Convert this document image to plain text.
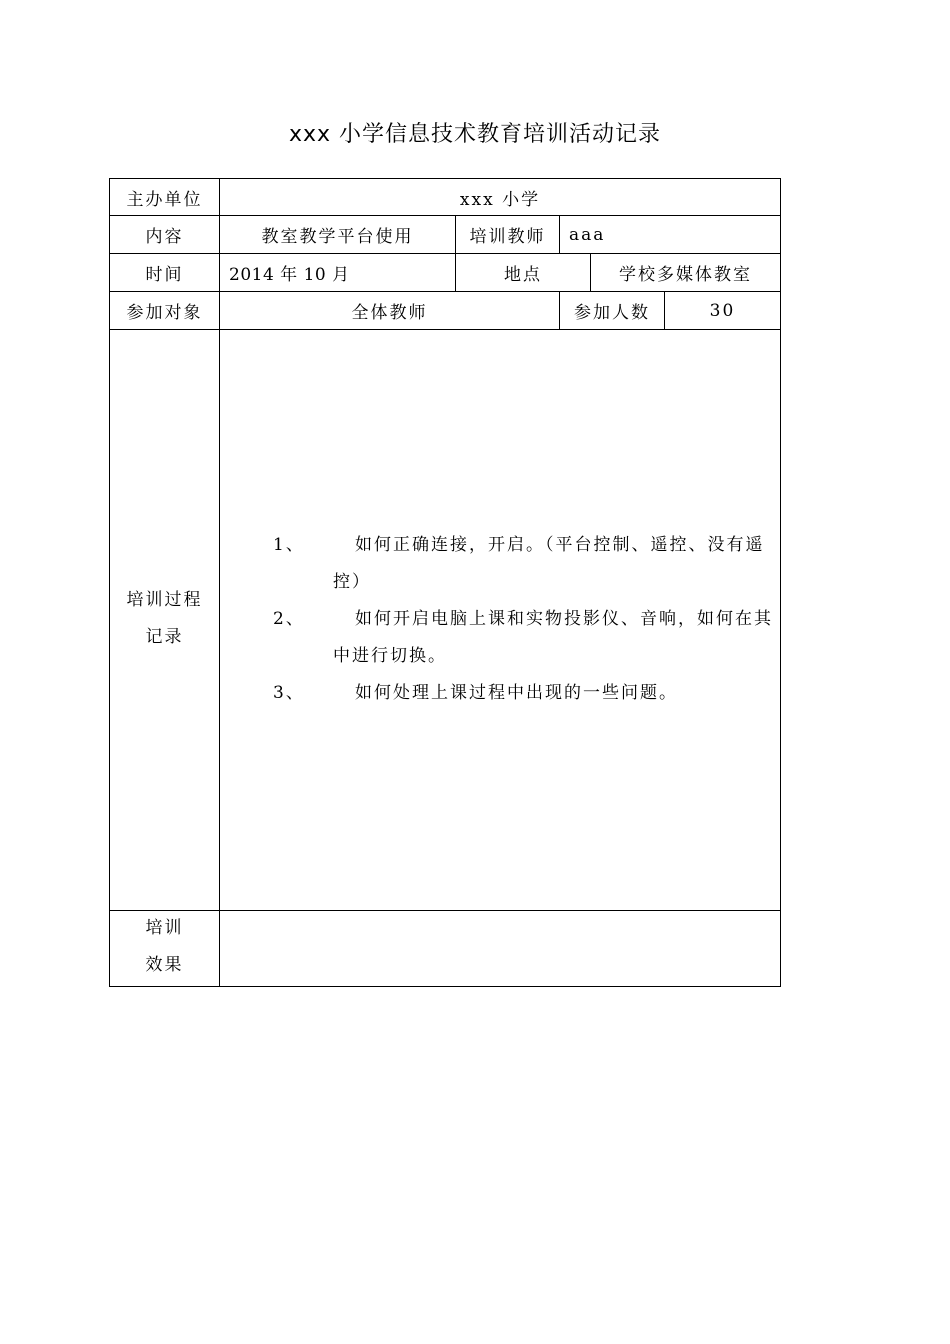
xxx 小学信息技术教育培训活动记录
主办单位	xxx 小学
内容	教室教学平台使用	培训教师	aaa
时间	2014 年 10 月	地点	学校多媒体教室
参加对象	全体教师	参加人数	30
培训过程
记录
1、	如何正确连接，开启。（平台控制、遥控、没有遥
控）
2、	如何开启电脑上课和实物投影仪、音响，如何在其
中进行切换。
3、	如何处理上课过程中出现的一些问题。
培训
效果
